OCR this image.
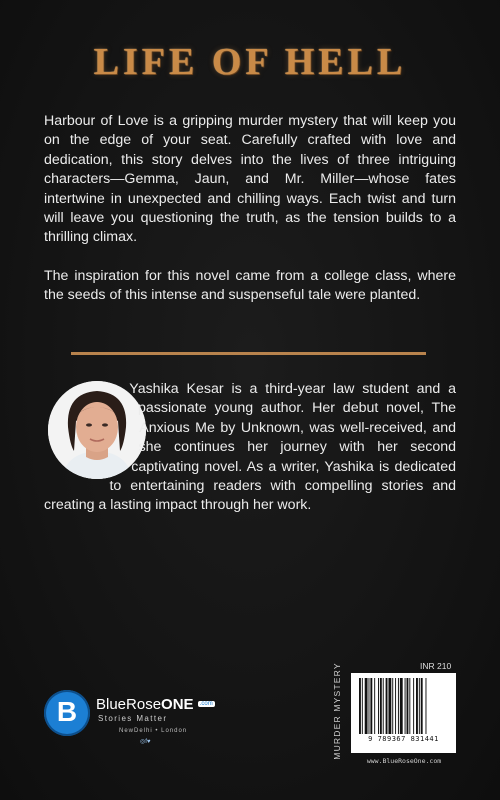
LIFE OF HELL

Harbour of Love is a gripping murder mystery that will keep you on the edge of your seat. Carefully crafted with love and dedication, this story delves into the lives of three intriguing characters—Gemma, Jaun, and Mr. Miller—whose fates intertwine in unexpected and chilling ways. Each twist and turn will leave you questioning the truth, as the tension builds to a thrilling climax.

The inspiration for this novel came from a college class, where the seeds of this intense and suspenseful tale were planted.

Yashika Kesar is a third-year law student and a passionate young author. Her debut novel, The Anxious Me by Unknown, was well-received, and she continues her journey with her second captivating novel. As a writer, Yashika is dedicated to entertaining readers with compelling stories and creating a lasting impact through her work.
B	BlueRoseONE $^{.com}$
Stories Matter
NewDelhi • London
◎f♥	MURDER MYSTERY	INR 210
9 789367 831441
www.BlueRoseOne.com
